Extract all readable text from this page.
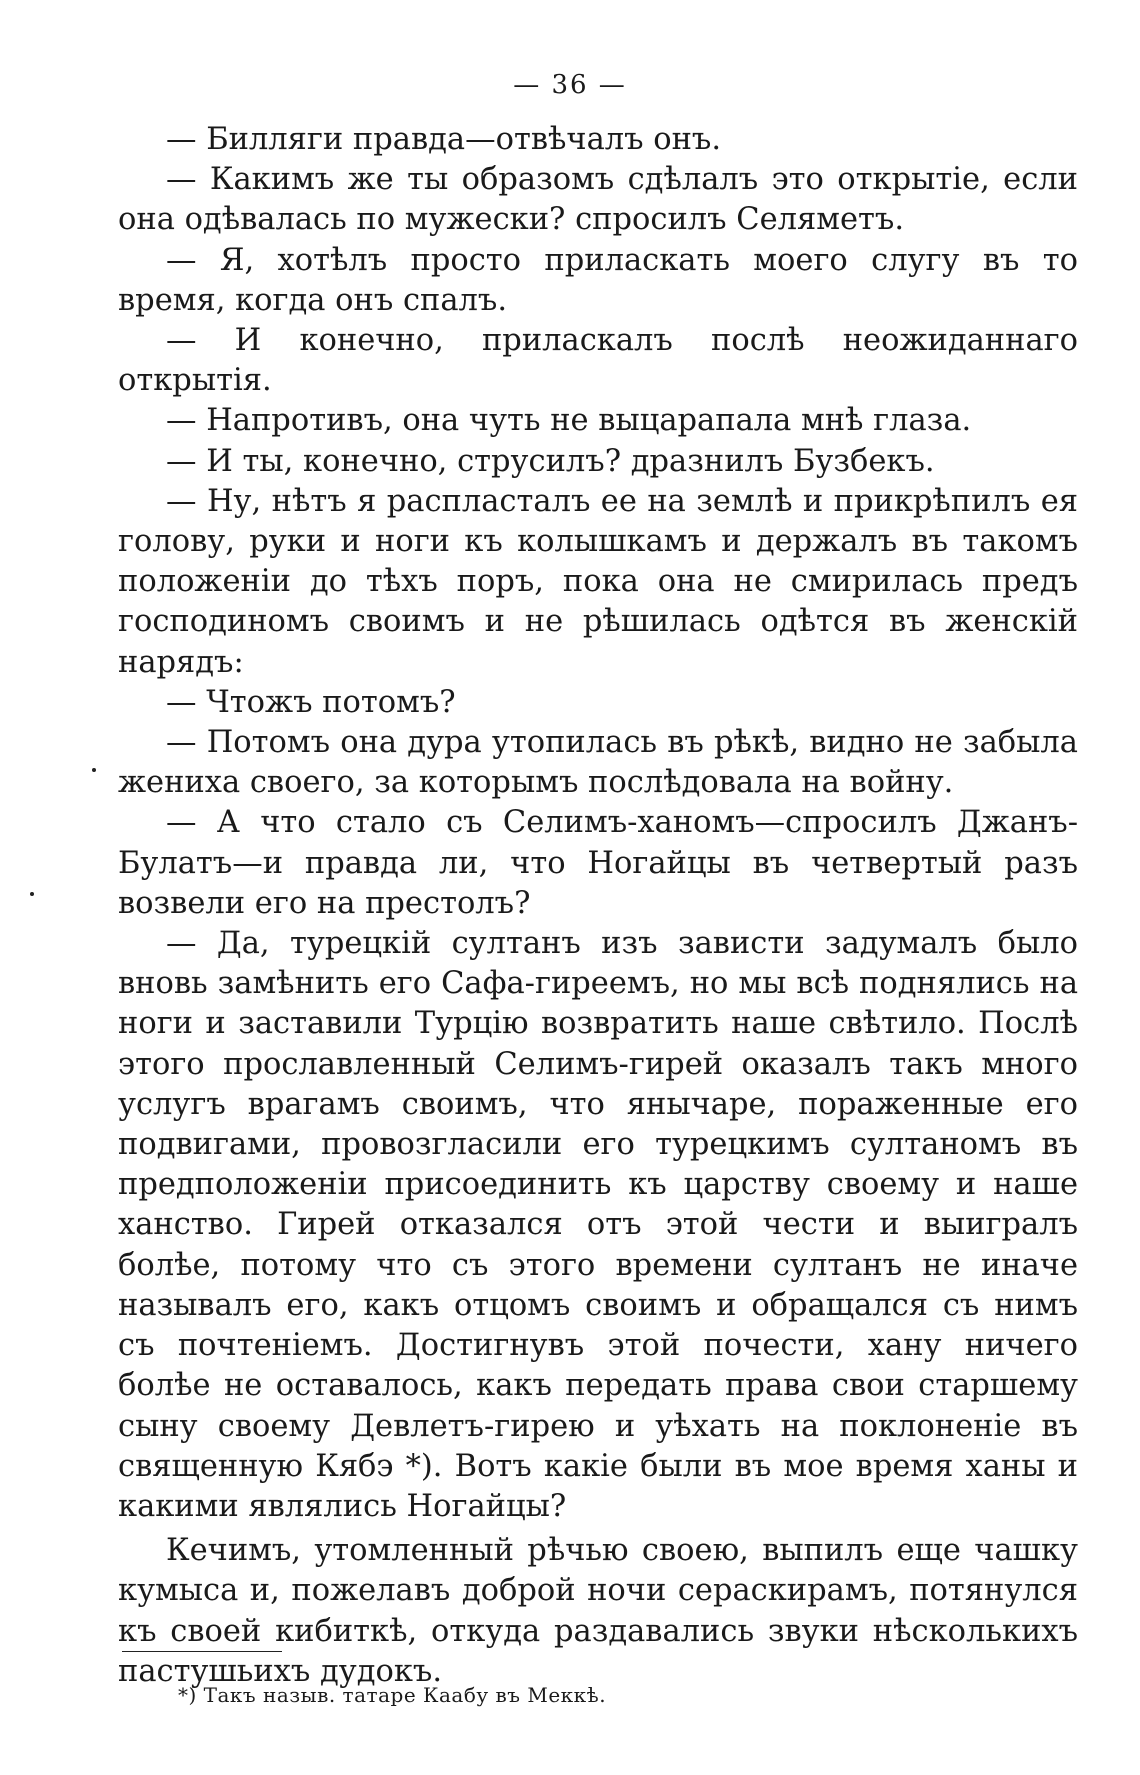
— 36 —

— Билляги правда—отвѣчалъ онъ.

— Какимъ же ты образомъ сдѣлалъ это открытіе, если она одѣвалась по мужески? спросилъ Селяметъ.

— Я, хотѣлъ просто приласкать моего слугу въ то время, когда онъ спалъ.

— И конечно, приласкалъ послѣ неожиданнаго открытія.

— Напротивъ, она чуть не выцарапала мнѣ глаза.

— И ты, конечно, струсилъ? дразнилъ Бузбекъ.

— Ну, нѣтъ я распласталъ ее на землѣ и прикрѣпилъ ея голову, руки и ноги къ колышкамъ и держалъ въ такомъ положеніи до тѣхъ поръ, пока она не смирилась предъ господиномъ своимъ и не рѣшилась одѣтся въ женскій нарядъ:

— Чтожъ потомъ?

— Потомъ она дура утопилась въ рѣкѣ, видно не забыла жениха своего, за которымъ послѣдовала на войну.

— А что стало съ Селимъ-ханомъ—спросилъ Джанъ-Булатъ—и правда ли, что Ногайцы въ четвертый разъ возвели его на престолъ?

— Да, турецкій султанъ изъ зависти задумалъ было вновь замѣнить его Сафа-гиреемъ, но мы всѣ поднялись на ноги и заставили Турцію возвратить наше свѣтило. Послѣ этого прославленный Селимъ-гирей оказалъ такъ много услугъ врагамъ своимъ, что янычаре, пораженные его подвигами, провозгласили его турецкимъ султаномъ въ предположеніи присоединить къ царству своему и наше ханство. Гирей отказался отъ этой чести и выигралъ болѣе, потому что съ этого времени султанъ не иначе называлъ его, какъ отцомъ своимъ и обращался съ нимъ съ почтеніемъ. Достигнувъ этой почести, хану ничего болѣе не оставалось, какъ передать права свои старшему сыну своему Девлетъ-гирею и уѣхать на поклоненіе въ священную Кябэ *). Вотъ какіе были въ мое время ханы и какими являлись Ногайцы?

Кечимъ, утомленный рѣчью своею, выпилъ еще чашку кумыса и, пожелавъ доброй ночи сераскирамъ, потянулся къ своей кибиткѣ, откуда раздавались звуки нѣсколькихъ пастушьихъ дудокъ.

*) Такъ назыв. татаре Каабу въ Меккѣ.
